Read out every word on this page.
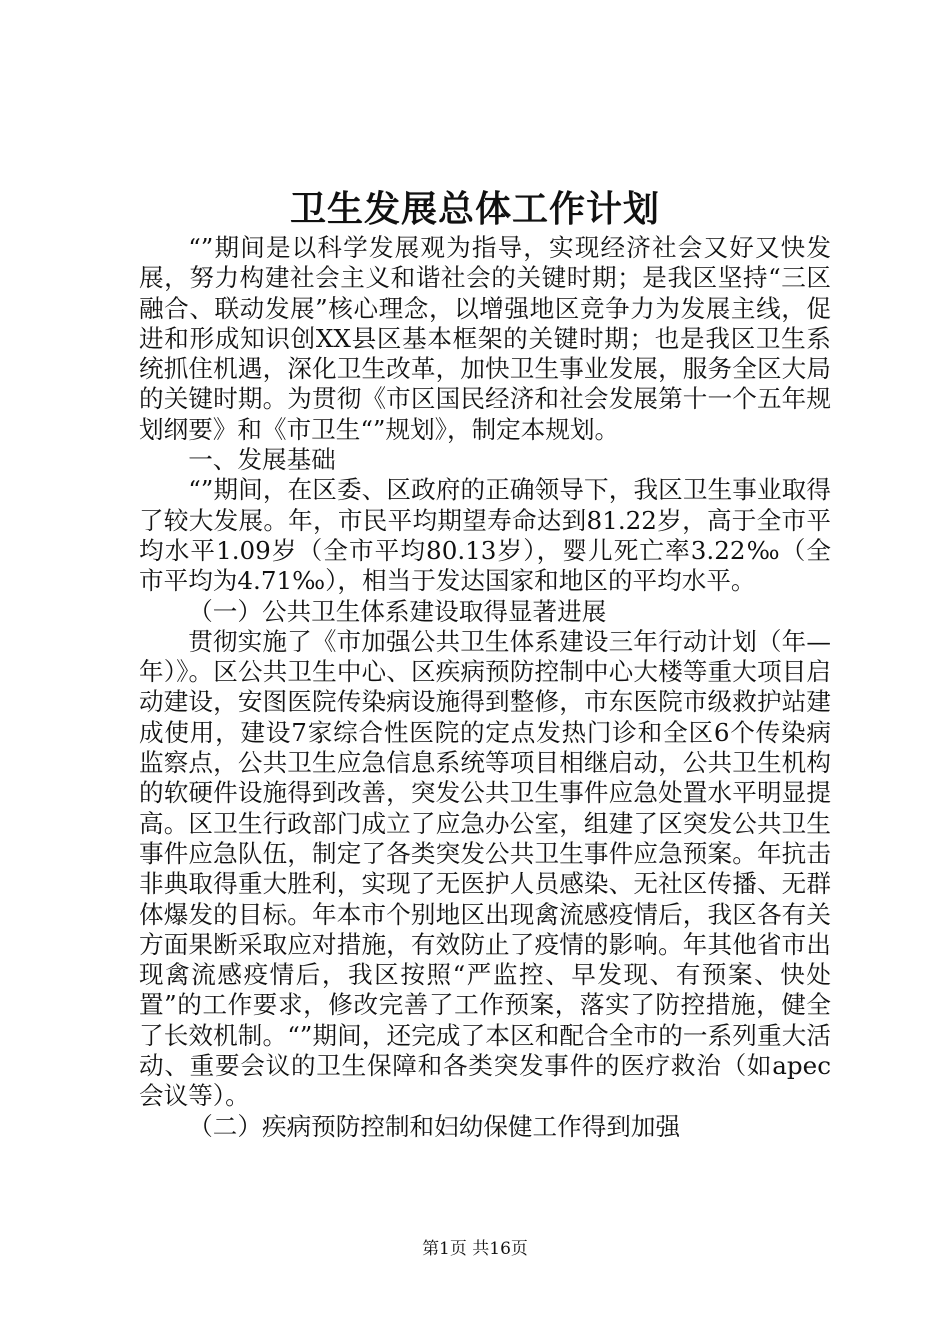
卫生发展总体工作计划

“”期间是以科学发展观为指导，实现经济社会又好又快发展，努力构建社会主义和谐社会的关键时期；是我区坚持“三区融合、联动发展”核心理念，以增强地区竞争力为发展主线，促进和形成知识创XX县区基本框架的关键时期；也是我区卫生系统抓住机遇，深化卫生改革，加快卫生事业发展，服务全区大局的关键时期。为贯彻《市区国民经济和社会发展第十一个五年规划纲要》和《市卫生“”规划》，制定本规划。

一、发展基础

“”期间，在区委、区政府的正确领导下，我区卫生事业取得了较大发展。年，市民平均期望寿命达到81.22岁，高于全市平均水平1.09岁（全市平均80.13岁），婴儿死亡率3.22‰（全市平均为4.71‰），相当于发达国家和地区的平均水平。

（一）公共卫生体系建设取得显著进展

贯彻实施了《市加强公共卫生体系建设三年行动计划（年—年）》。区公共卫生中心、区疾病预防控制中心大楼等重大项目启动建设，安图医院传染病设施得到整修，市东医院市级救护站建成使用，建设7家综合性医院的定点发热门诊和全区6个传染病监察点，公共卫生应急信息系统等项目相继启动，公共卫生机构的软硬件设施得到改善，突发公共卫生事件应急处置水平明显提高。区卫生行政部门成立了应急办公室，组建了区突发公共卫生事件应急队伍，制定了各类突发公共卫生事件应急预案。年抗击非典取得重大胜利，实现了无医护人员感染、无社区传播、无群体爆发的目标。年本市个别地区出现禽流感疫情后，我区各有关方面果断采取应对措施，有效防止了疫情的影响。年其他省市出现禽流感疫情后，我区按照“严监控、早发现、有预案、快处置”的工作要求，修改完善了工作预案，落实了防控措施，健全了长效机制。“”期间，还完成了本区和配合全市的一系列重大活动、重要会议的卫生保障和各类突发事件的医疗救治（如apec会议等）。

（二）疾病预防控制和妇幼保健工作得到加强

第1页 共16页
